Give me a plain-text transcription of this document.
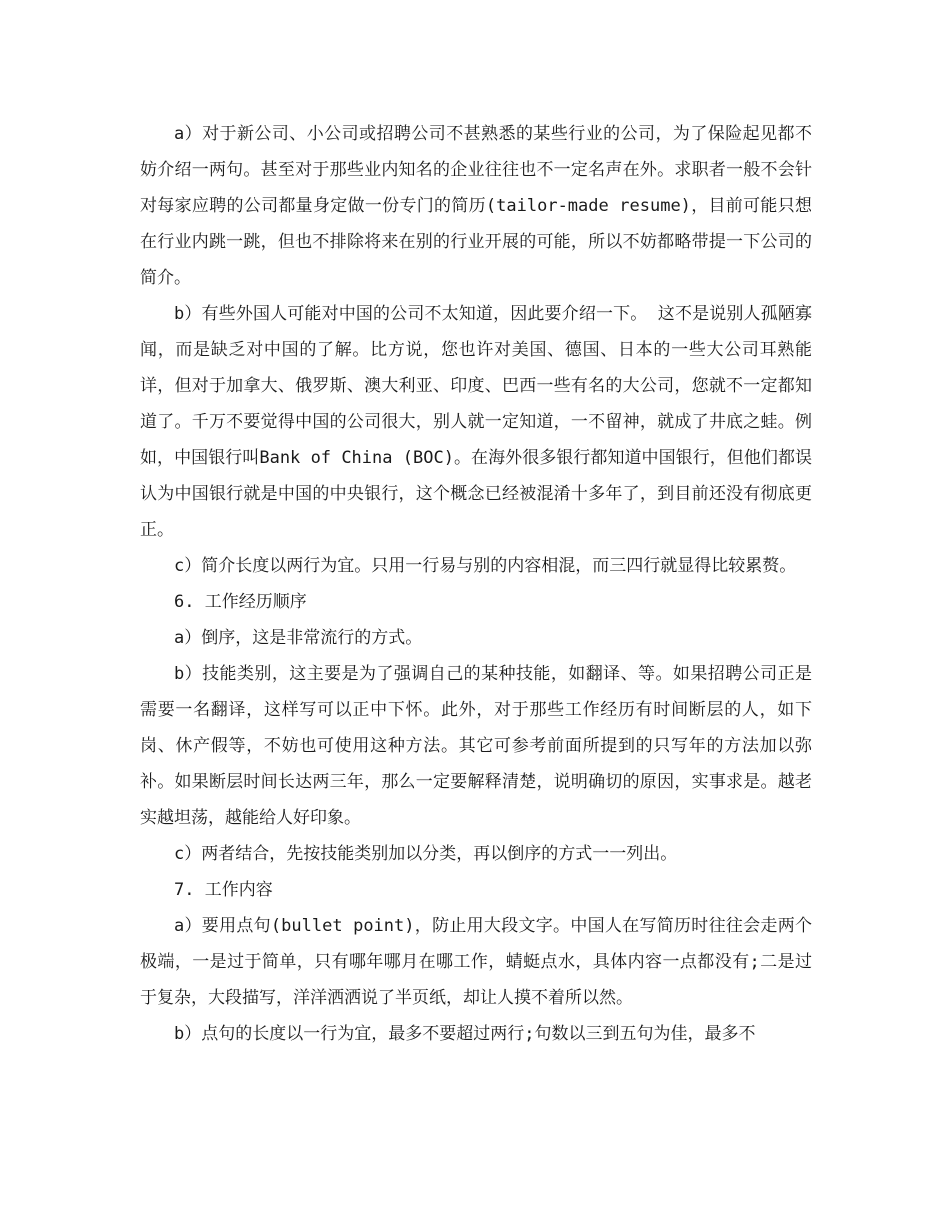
a）对于新公司、小公司或招聘公司不甚熟悉的某些行业的公司，为了保险起见都不妨介绍一两句。甚至对于那些业内知名的企业往往也不一定名声在外。求职者一般不会针对每家应聘的公司都量身定做一份专门的简历(tailor-made resume)，目前可能只想在行业内跳一跳，但也不排除将来在别的行业开展的可能，所以不妨都略带提一下公司的简介。

b）有些外国人可能对中国的公司不太知道，因此要介绍一下。 这不是说别人孤陋寡闻，而是缺乏对中国的了解。比方说，您也许对美国、德国、日本的一些大公司耳熟能详，但对于加拿大、俄罗斯、澳大利亚、印度、巴西一些有名的大公司，您就不一定都知道了。千万不要觉得中国的公司很大，别人就一定知道，一不留神，就成了井底之蛙。例如，中国银行叫Bank of China (BOC)。在海外很多银行都知道中国银行，但他们都误认为中国银行就是中国的中央银行，这个概念已经被混淆十多年了，到目前还没有彻底更正。

c）简介长度以两行为宜。只用一行易与别的内容相混，而三四行就显得比较累赘。

6. 工作经历顺序

a）倒序，这是非常流行的方式。

b）技能类别，这主要是为了强调自己的某种技能，如翻译、等。如果招聘公司正是需要一名翻译，这样写可以正中下怀。此外，对于那些工作经历有时间断层的人，如下岗、休产假等，不妨也可使用这种方法。其它可参考前面所提到的只写年的方法加以弥补。如果断层时间长达两三年，那么一定要解释清楚，说明确切的原因，实事求是。越老实越坦荡，越能给人好印象。

c）两者结合，先按技能类别加以分类，再以倒序的方式一一列出。

7. 工作内容

a）要用点句(bullet point)，防止用大段文字。中国人在写简历时往往会走两个极端，一是过于简单，只有哪年哪月在哪工作，蜻蜓点水，具体内容一点都没有;二是过于复杂，大段描写，洋洋洒洒说了半页纸，却让人摸不着所以然。

b）点句的长度以一行为宜，最多不要超过两行;句数以三到五句为佳，最多不
